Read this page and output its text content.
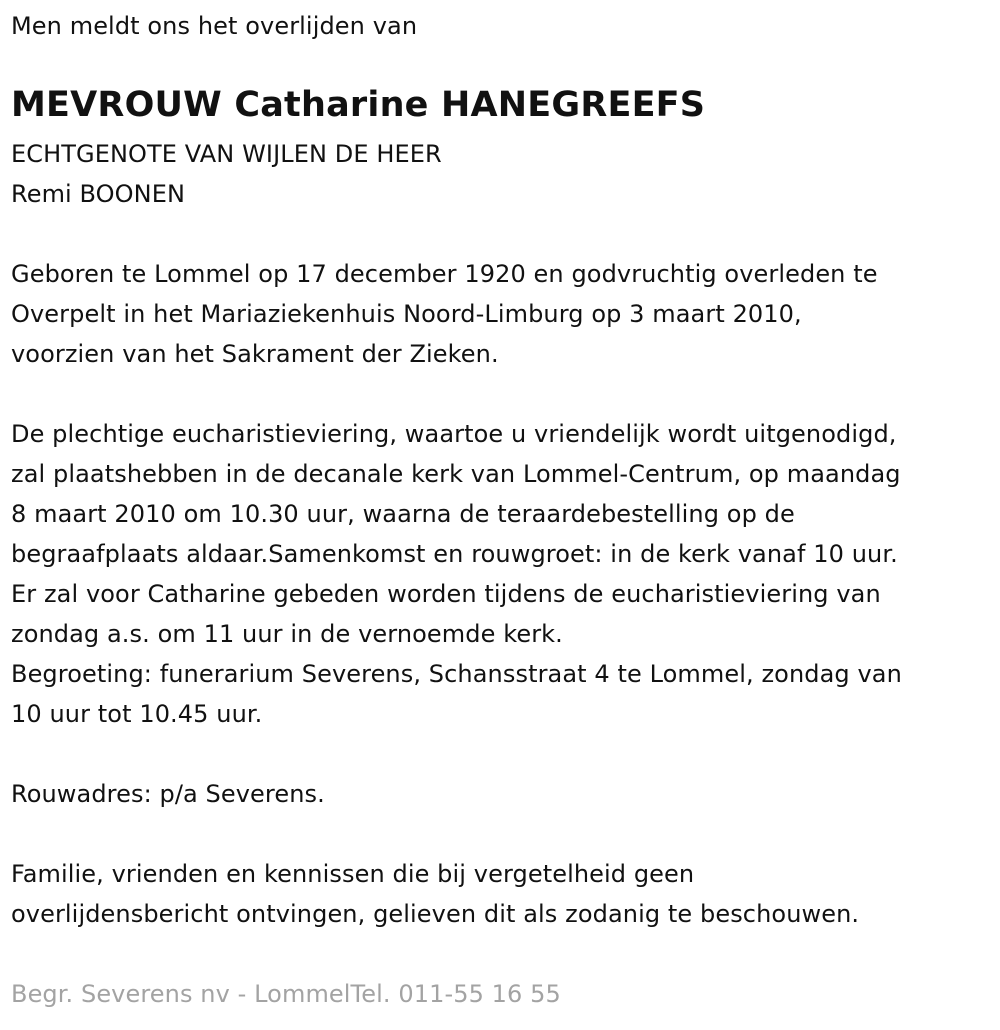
Men meldt ons het overlijden van
MEVROUW Catharine HANEGREEFS
ECHTGENOTE VAN WIJLEN DE HEER
Remi BOONEN
Geboren te Lommel op 17 december 1920 en godvruchtig overleden te
Overpelt in het Mariaziekenhuis Noord-Limburg op 3 maart 2010,
voorzien van het Sakrament der Zieken.
De plechtige eucharistieviering, waartoe u vriendelijk wordt uitgenodigd,
zal plaatshebben in de decanale kerk van Lommel-Centrum, op maandag
8 maart 2010 om 10.30 uur, waarna de teraardebestelling op de
begraafplaats aldaar.Samenkomst en rouwgroet: in de kerk vanaf 10 uur.
Er zal voor Catharine gebeden worden tijdens de eucharistieviering van
zondag a.s. om 11 uur in de vernoemde kerk.
Begroeting: funerarium Severens, Schansstraat 4 te Lommel, zondag van
10 uur tot 10.45 uur.
Rouwadres: p/a Severens.
Familie, vrienden en kennissen die bij vergetelheid geen
overlijdensbericht ontvingen, gelieven dit als zodanig te beschouwen.
Begr. Severens nv - LommelTel. 011-55 16 55
